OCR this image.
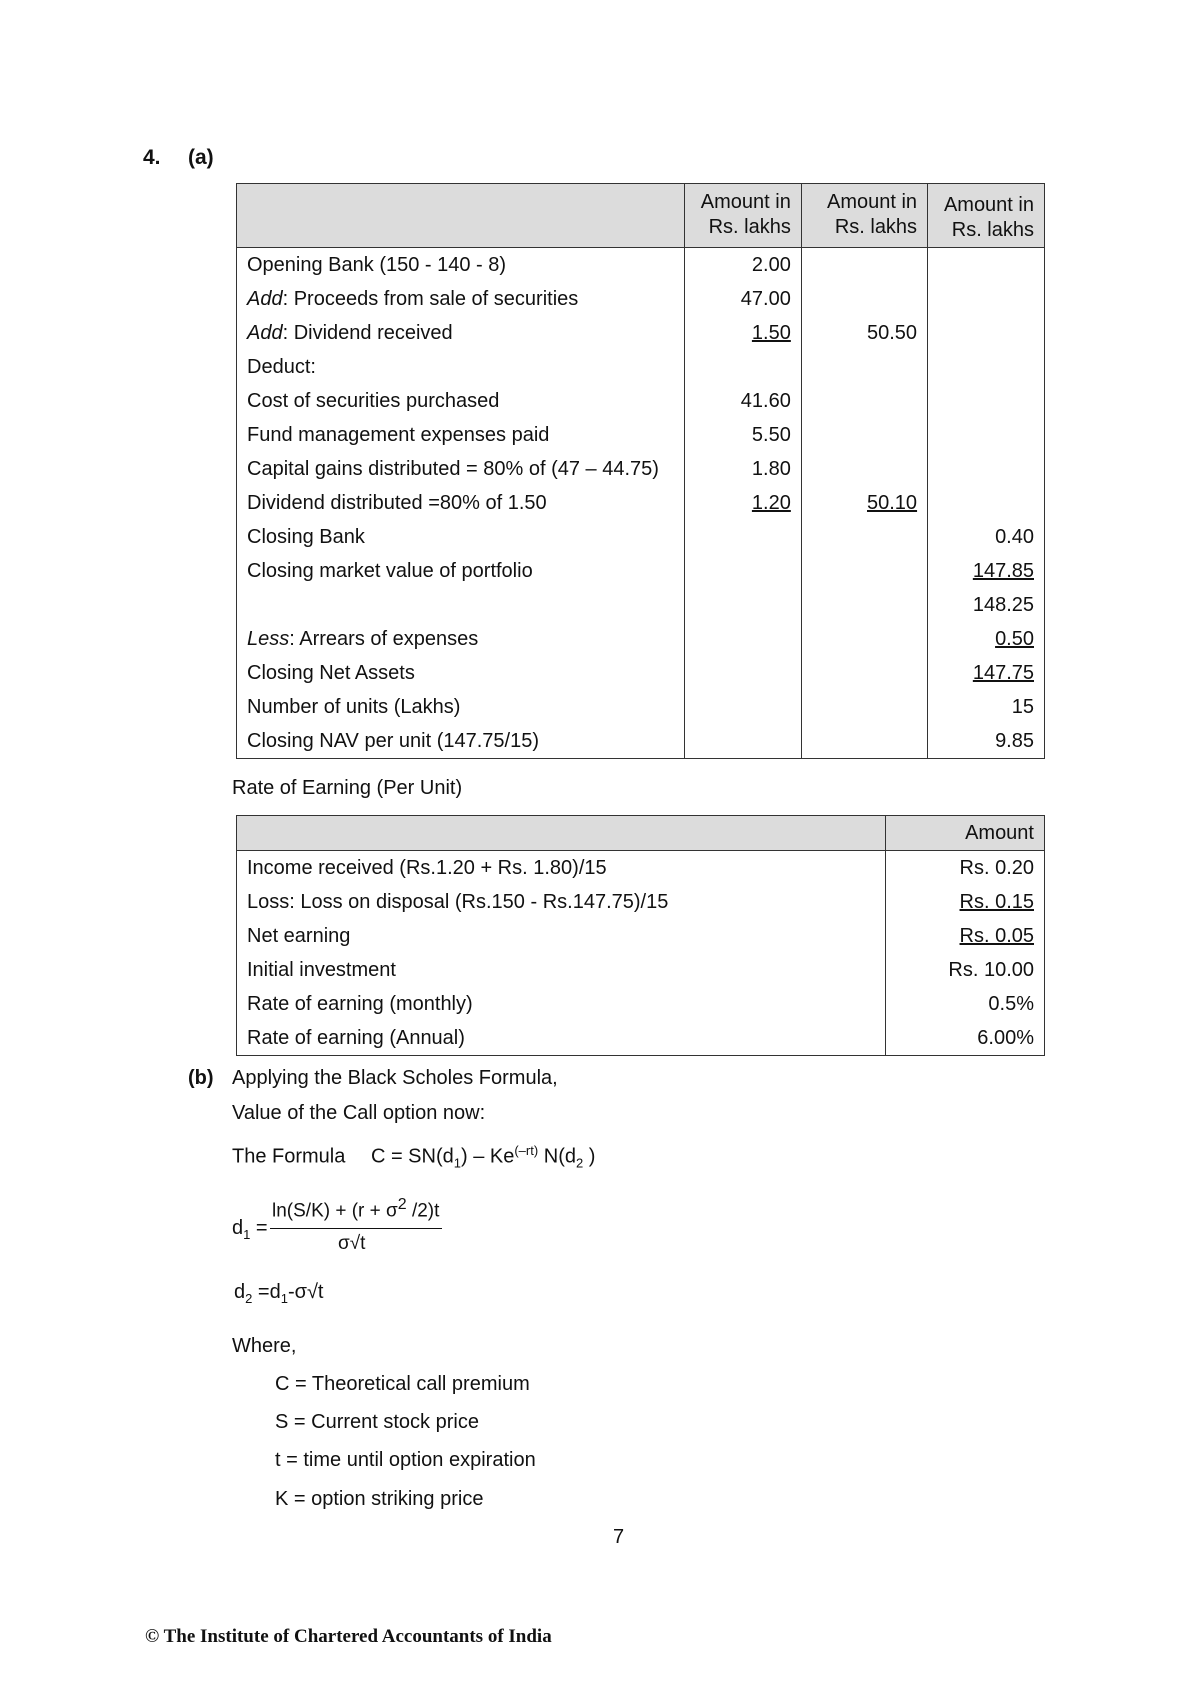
4. (a)
	Amount in
Rs. lakhs	Amount in
Rs. lakhs	Amount in
Rs. lakhs
Opening Bank (150 - 140 - 8)	2.00		
Add: Proceeds from sale of securities	47.00		
Add: Dividend received	1.50	50.50	
Deduct:			
Cost of securities purchased	41.60		
Fund management expenses paid	5.50		
Capital gains distributed = 80% of (47 – 44.75)	1.80		
Dividend distributed =80% of 1.50	1.20	50.10	
Closing Bank			0.40
Closing market value of portfolio			147.85
			148.25
Less: Arrears of expenses			0.50
Closing Net Assets			147.75
Number of units (Lakhs)			15
Closing NAV per unit (147.75/15)			9.85
Rate of Earning (Per Unit)
	Amount
Income received (Rs.1.20 + Rs. 1.80)/15	Rs. 0.20
Loss: Loss on disposal (Rs.150 - Rs.147.75)/15	Rs. 0.15
Net earning	Rs. 0.05
Initial investment	Rs. 10.00
Rate of earning (monthly)	0.5%
Rate of earning (Annual)	6.00%
(b) Applying the Black Scholes Formula,
Value of the Call option now:
The Formula $C = SN(d_1) - Ke^{(-rt)}$ $N(d_2$ )
$d_1$ =
$\ln(S/K) + (r + \sigma^2$ /2)t
σ√t
$d_2 =d_1-\sigma√t$
Where,
C = Theoretical call premium
S = Current stock price
t = time until option expiration
K = option striking price
7
© The Institute of Chartered Accountants of India
